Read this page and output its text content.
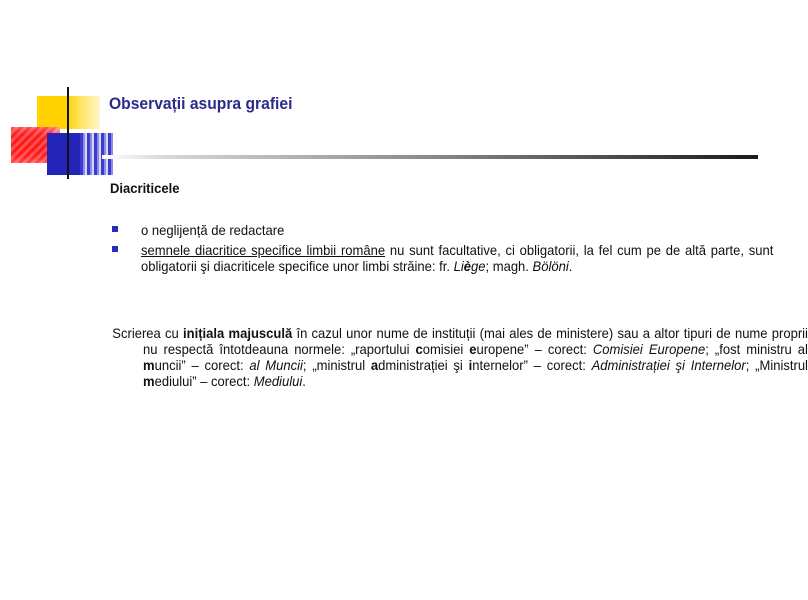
Observații asupra grafiei
Diacriticele
o neglijență de redactare
semnele diacritice specifice limbii române nu sunt facultative, ci obligatorii, la fel cum pe de altă parte, sunt obligatorii şi diacriticele specifice unor limbi străine: fr. Liège; magh. Bölöni.
Scrierea cu inițiala majusculă în cazul unor nume de instituții (mai ales de ministere) sau a altor tipuri de nume proprii nu respectă întotdeauna normele: „raportului comisiei europene” – corect: Comisiei Europene; „fost ministru al muncii” – corect: al Muncii; „ministrul administrației şi internelor” – corect: Administrației şi Internelor; „Ministrul mediului” – corect: Mediului.
